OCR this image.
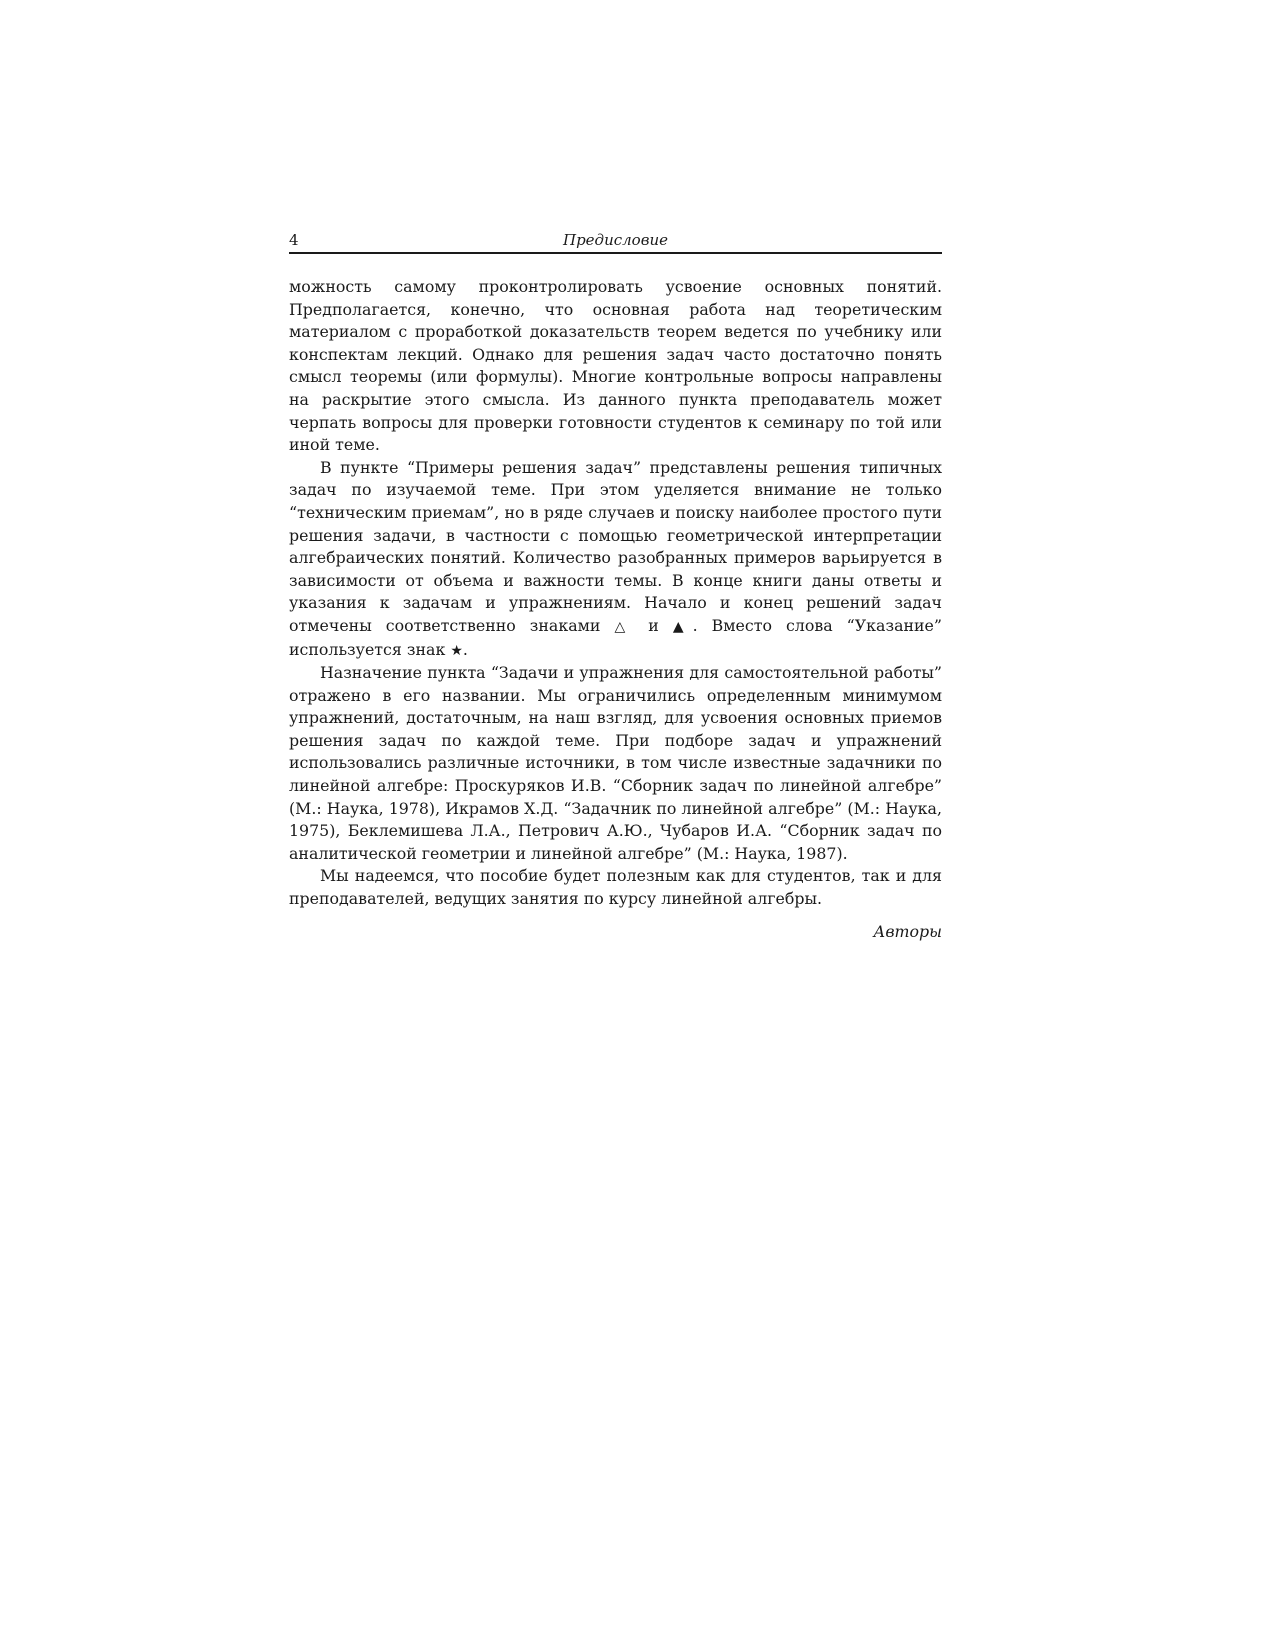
4	Предисловие

можность самому проконтролировать усвоение основных понятий. Предполагается, конечно, что основная работа над теоретическим материалом с проработкой доказательств теорем ведется по учебнику или конспектам лекций. Однако для решения задач часто достаточно понять смысл теоремы (или формулы). Многие контрольные вопросы направлены на раскрытие этого смысла. Из данного пункта преподаватель может черпать вопросы для проверки готовности студентов к семинару по той или иной теме.

В пункте “Примеры решения задач” представлены решения типичных задач по изучаемой теме. При этом уделяется внимание не только “техническим приемам”, но в ряде случаев и поиску наиболее простого пути решения задачи, в частности с помощью геометрической интерпретации алгебраических понятий. Количество разобранных примеров варьируется в зависимости от объема и важности темы. В конце книги даны ответы и указания к задачам и упражнениям. Начало и конец решений задач отмечены соответственно знаками △ и ▲. Вместо слова “Указание” используется знак ★.

Назначение пункта “Задачи и упражнения для самостоятельной работы” отражено в его названии. Мы ограничились определенным минимумом упражнений, достаточным, на наш взгляд, для усвоения основных приемов решения задач по каждой теме. При подборе задач и упражнений использовались различные источники, в том числе известные задачники по линейной алгебре: Проскуряков И.В. “Сборник задач по линейной алгебре” (М.: Наука, 1978), Икрамов Х.Д. “Задачник по линейной алгебре” (М.: Наука, 1975), Беклемишева Л.А., Петрович А.Ю., Чубаров И.А. “Сборник задач по аналитической геометрии и линейной алгебре” (М.: Наука, 1987).

Мы надеемся, что пособие будет полезным как для студентов, так и для преподавателей, ведущих занятия по курсу линейной алгебры.

Авторы
